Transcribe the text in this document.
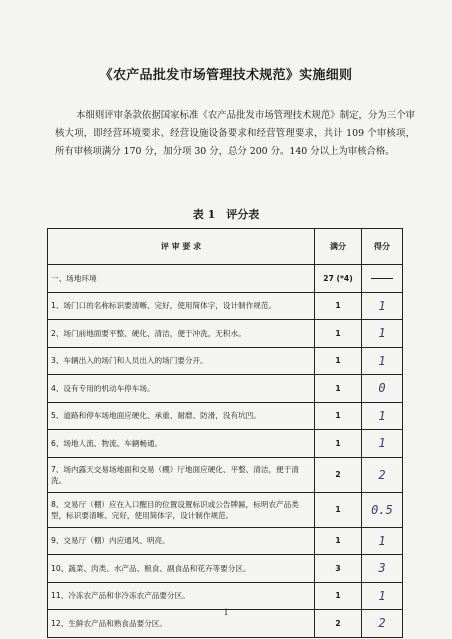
《农产品批发市场管理技术规范》实施细则
本细则评审条款依据国家标准《农产品批发市场管理技术规范》制定，分为三个审核大项，即经营环境要求、经营设施设备要求和经营管理要求，共计 109 个审核项，所有审核项满分 170 分，加分项 30 分，总分 200 分。140 分以上为审核合格。
表 1　评分表
评 审 要 求	满分	得分
一、场地环境	27 (*4)	
1、场门口的名称标识要清晰、完好，使用简体字，设计制作规范。	1	1
2、场门前地面要平整、硬化、清洁，便于冲洗，无积水。	1	1
3、车辆出入的场门和人员出入的场门要分开。	1	1
4、设有专用的机动车停车场。	1	0
5、道路和停车场地面应硬化、承重、耐磨、防滑，没有坑凹。	1	1
6、场地人流、物流、车辆畅通。	1	1
7、场内露天交易场地面和交易（棚）厅地面应硬化、平整、清洁，便于清洗。	2	2
8、交易厅（棚）应在入口醒目的位置设置标识或公告牌匾，标明农产品类型，标识要清晰、完好，使用简体字，设计制作规范。	1	0.5
9、交易厅（棚）内应通风、明亮。	1	1
10、蔬菜、肉类、水产品、粮食、副食品和花卉等要分区。	3	3
11、冷冻农产品和非冷冻农产品要分区。	1	1
12、生鲜农产品和熟食品要分区。	2	2
1
